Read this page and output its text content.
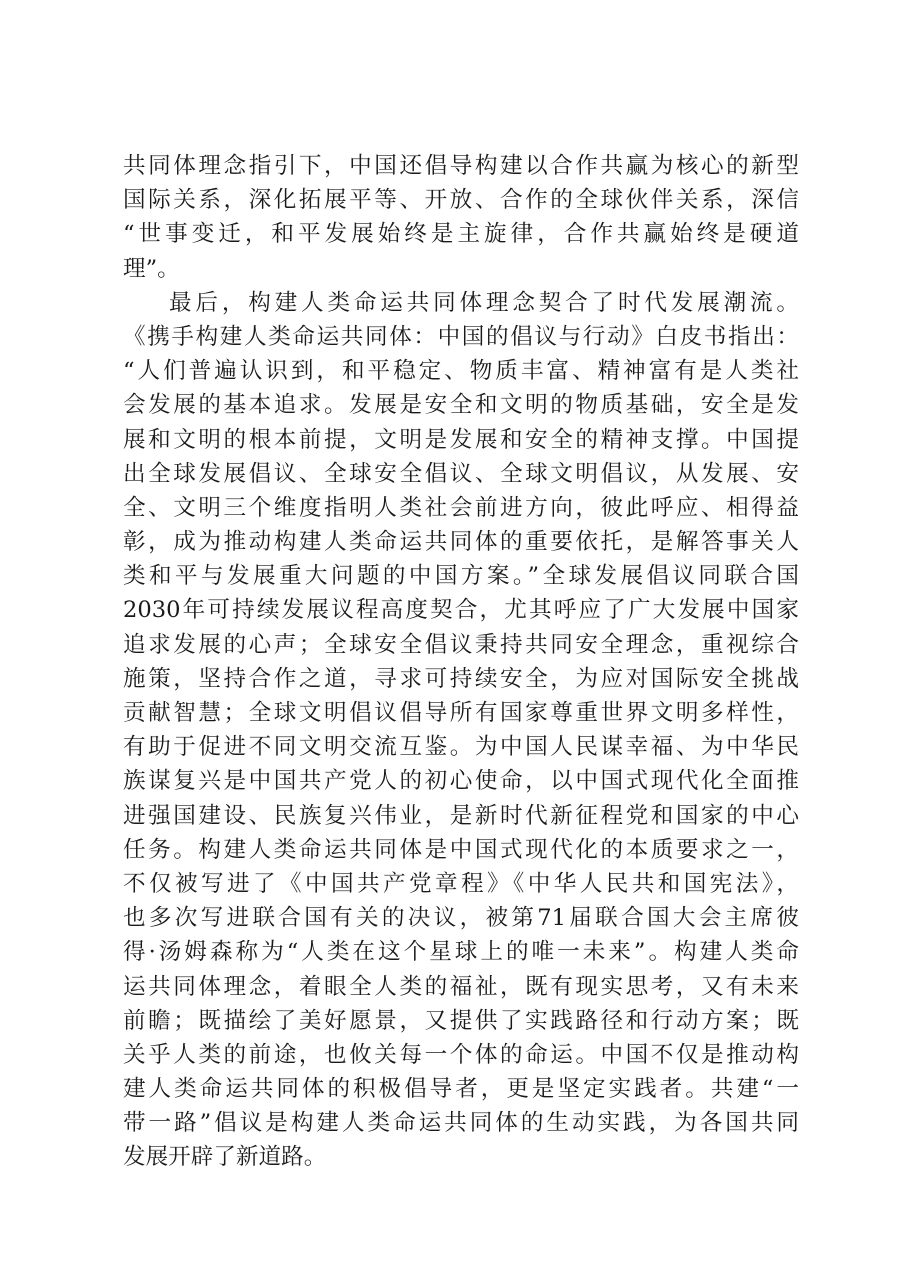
共同体理念指引下，中国还倡导构建以合作共赢为核心的新型
国际关系，深化拓展平等、开放、合作的全球伙伴关系，深信
“世事变迁，和平发展始终是主旋律，合作共赢始终是硬道
理”。
最后，构建人类命运共同体理念契合了时代发展潮流。
《携手构建人类命运共同体：中国的倡议与行动》白皮书指出：
“人们普遍认识到，和平稳定、物质丰富、精神富有是人类社
会发展的基本追求。发展是安全和文明的物质基础，安全是发
展和文明的根本前提，文明是发展和安全的精神支撑。中国提
出全球发展倡议、全球安全倡议、全球文明倡议，从发展、安
全、文明三个维度指明人类社会前进方向，彼此呼应、相得益
彰，成为推动构建人类命运共同体的重要依托，是解答事关人
类和平与发展重大问题的中国方案。”全球发展倡议同联合国
2030年可持续发展议程高度契合，尤其呼应了广大发展中国家
追求发展的心声；全球安全倡议秉持共同安全理念，重视综合
施策，坚持合作之道，寻求可持续安全，为应对国际安全挑战
贡献智慧；全球文明倡议倡导所有国家尊重世界文明多样性，
有助于促进不同文明交流互鉴。为中国人民谋幸福、为中华民
族谋复兴是中国共产党人的初心使命，以中国式现代化全面推
进强国建设、民族复兴伟业，是新时代新征程党和国家的中心
任务。构建人类命运共同体是中国式现代化的本质要求之一，
不仅被写进了《中国共产党章程》《中华人民共和国宪法》，
也多次写进联合国有关的决议，被第71届联合国大会主席彼
得·汤姆森称为“人类在这个星球上的唯一未来”。构建人类命
运共同体理念，着眼全人类的福祉，既有现实思考，又有未来
前瞻；既描绘了美好愿景，又提供了实践路径和行动方案；既
关乎人类的前途，也攸关每一个体的命运。中国不仅是推动构
建人类命运共同体的积极倡导者，更是坚定实践者。共建“一
带一路”倡议是构建人类命运共同体的生动实践，为各国共同
发展开辟了新道路。
